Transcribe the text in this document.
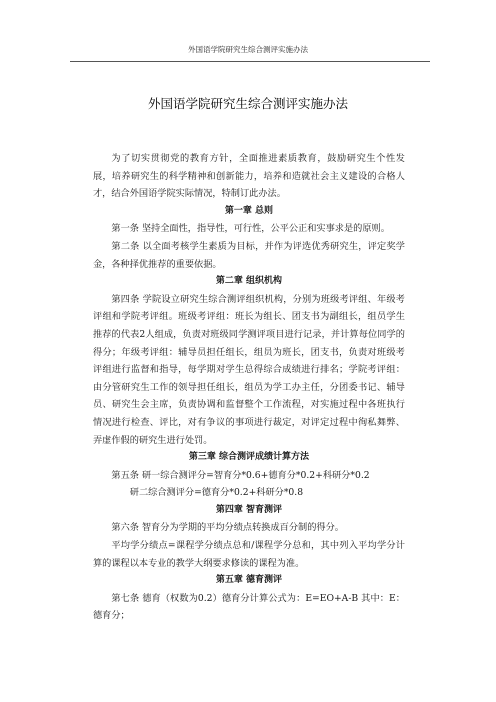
外国语学院研究生综合测评实施办法
外国语学院研究生综合测评实施办法

为了切实贯彻党的教育方针，全面推进素质教育，鼓励研究生个性发展，培养研究生的科学精神和创新能力，培养和造就社会主义建设的合格人才，结合外国语学院实际情况，特制订此办法。

第一章 总则

第一条 坚持全面性，指导性，可行性，公平公正和实事求是的原则。

第二条 以全面考核学生素质为目标，并作为评选优秀研究生，评定奖学金，各种择优推荐的重要依据。

第二章 组织机构

第四条 学院设立研究生综合测评组织机构，分别为班级考评组、年级考评组和学院考评组。班级考评组：班长为组长、团支书为副组长，组员学生推荐的代表2人组成，负责对班级同学测评项目进行记录，并计算每位同学的得分；年级考评组：辅导员担任组长，组员为班长，团支书，负责对班级考评组进行监督和指导，每学期对学生总得综合成绩进行排名；学院考评组：由分管研究生工作的领导担任组长，组员为学工办主任，分团委书记、辅导员、研究生会主席，负责协调和监督整个工作流程，对实施过程中各班执行情况进行检查、评比，对有争议的事项进行裁定，对评定过程中徇私舞弊、弄虚作假的研究生进行处罚。

第三章 综合测评成绩计算方法
第五条 研一综合测评分=智育分*0.6+德育分*0.2+科研分*0.2
研二综合测评分=德育分*0.2+科研分*0.8
第四章 智育测评

第六条 智育分为学期的平均分绩点转换成百分制的得分。

平均学分绩点=课程学分绩点总和/课程学分总和，其中列入平均学分计算的课程以本专业的教学大纲要求修读的课程为准。

第五章 德育测评

第七条 德育（权数为0.2）德育分计算公式为：E=EO+A-B 其中：E：德育分；
